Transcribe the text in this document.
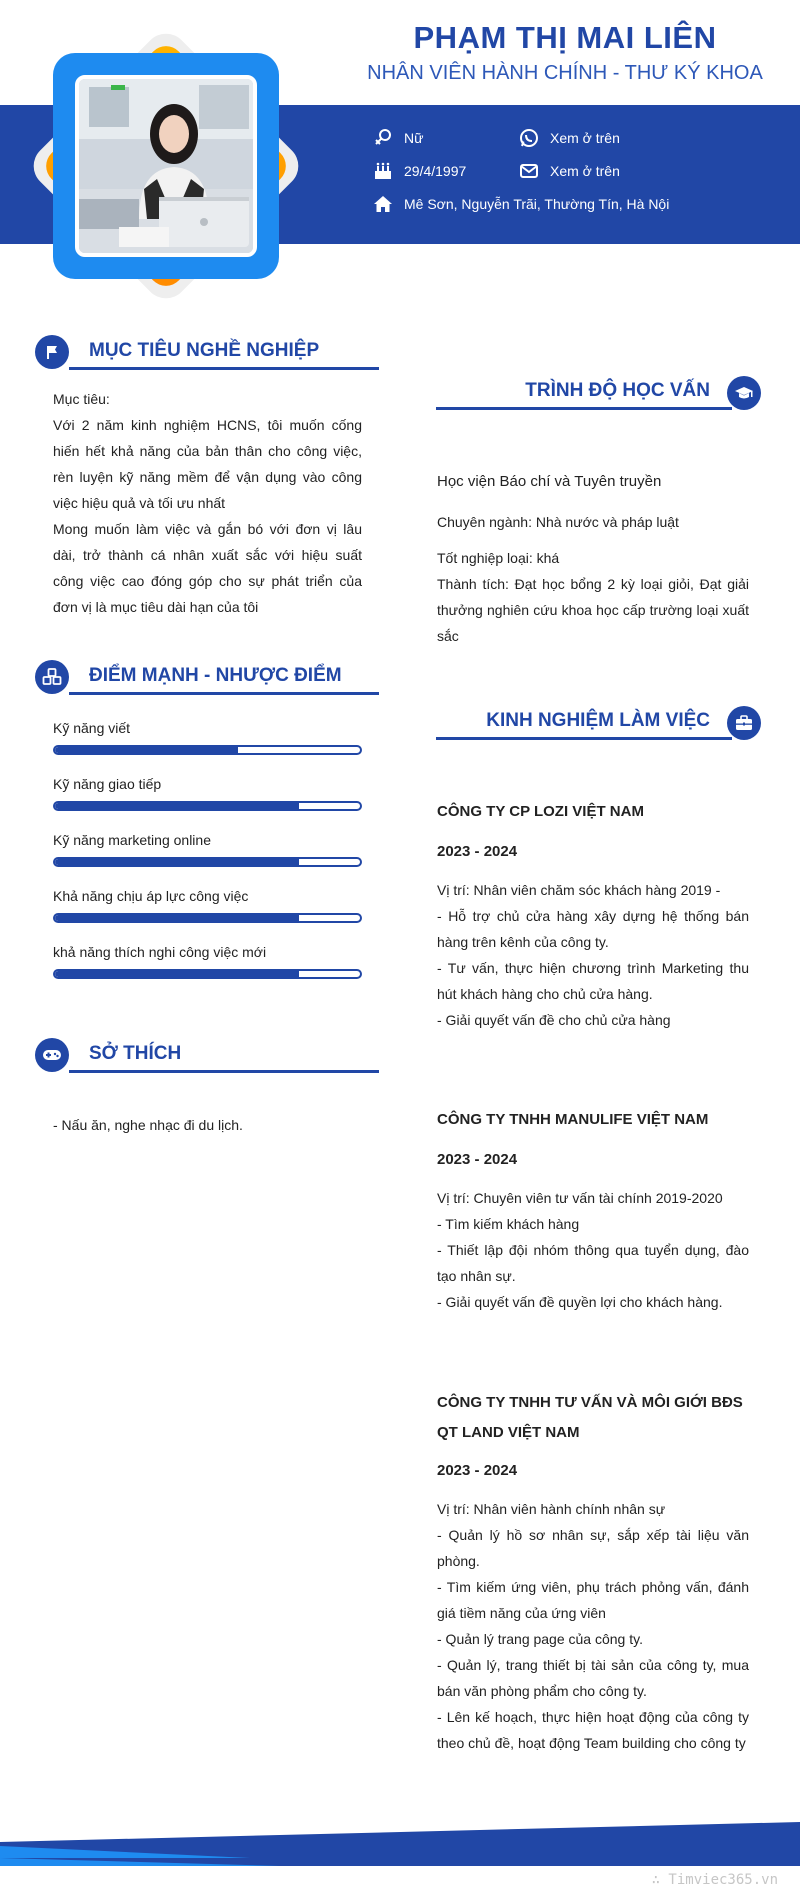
PHẠM THỊ MAI LIÊN
NHÂN VIÊN HÀNH CHÍNH - THƯ KÝ KHOA
Nữ	Xem ở trên
29/4/1997	Xem ở trên
Mê Sơn, Nguyễn Trãi, Thường Tín, Hà Nội
MỤC TIÊU NGHỀ NGHIỆP
Mục tiêu:
Với 2 năm kinh nghiệm HCNS, tôi muốn cống hiến hết khả năng của bản thân cho công việc, rèn luyện kỹ năng mềm để vận dụng vào công việc hiệu quả và tối ưu nhất
Mong muốn làm việc và gắn bó với đơn vị lâu dài, trở thành cá nhân xuất sắc với hiệu suất công việc cao đóng góp cho sự phát triển của đơn vị là mục tiêu dài hạn của tôi
ĐIỂM MẠNH - NHƯỢC ĐIỂM
Kỹ năng viết
Kỹ năng giao tiếp
Kỹ năng marketing online
Khả năng chịu áp lực công việc
khả năng thích nghi công việc mới
SỞ THÍCH
- Nấu ăn, nghe nhạc đi du lịch.
TRÌNH ĐỘ HỌC VẤN
Học viện Báo chí và Tuyên truyền
Chuyên ngành: Nhà nước và pháp luật
Tốt nghiệp loại: khá
Thành tích: Đạt học bổng 2 kỳ loại giỏi, Đạt giải thưởng nghiên cứu khoa học cấp trường loại xuất sắc
KINH NGHIỆM LÀM VIỆC
CÔNG TY CP LOZI VIỆT NAM
2023 - 2024
Vị trí: Nhân viên chăm sóc khách hàng 2019 -
- Hỗ trợ chủ cửa hàng xây dựng hệ thống bán hàng trên kênh của công ty.
- Tư vấn, thực hiện chương trình Marketing thu hút khách hàng cho chủ cửa hàng.
- Giải quyết vấn đề cho chủ cửa hàng
CÔNG TY TNHH MANULIFE VIỆT NAM
2023 - 2024
Vị trí: Chuyên viên tư vấn tài chính 2019-2020
- Tìm kiếm khách hàng
- Thiết lập đội nhóm thông qua tuyển dụng, đào tạo nhân sự.
- Giải quyết vấn đề quyền lợi cho khách hàng.
CÔNG TY TNHH TƯ VẤN VÀ MÔI GIỚI BĐS QT LAND VIỆT NAM
2023 - 2024
Vị trí: Nhân viên hành chính nhân sự
- Quản lý hồ sơ nhân sự, sắp xếp tài liệu văn phòng.
- Tìm kiếm ứng viên, phụ trách phỏng vấn, đánh giá tiềm năng của ứng viên
- Quản lý trang page của công ty.
- Quản lý, trang thiết bị tài sản của công ty, mua bán văn phòng phẩm cho công ty.
- Lên kế hoạch, thực hiện hoạt động của công ty theo chủ đề, hoạt động Team building cho công ty
∴ Timviec365.vn
